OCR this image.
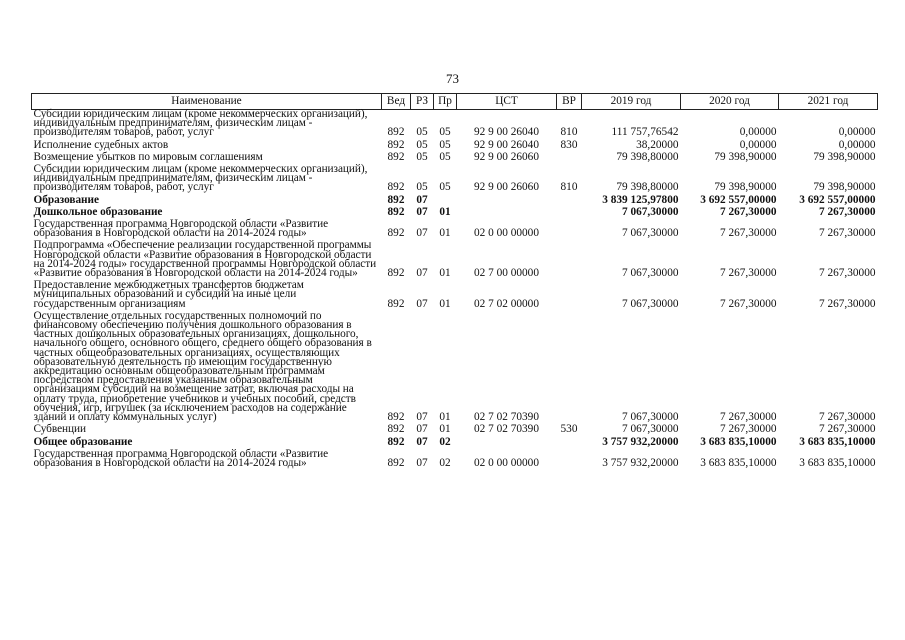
73
Наименование	Вед	РЗ	Пр	ЦСТ	ВР	2019 год	2020 год	2021 год
Субсидии юридическим лицам (кроме некоммерческих организаций), индивидуальным предпринимателям, физическим лицам - производителям товаров, работ, услуг	892	05	05	92 9 00 26040	810	111 757,76542	0,00000	0,00000
Исполнение судебных актов	892	05	05	92 9 00 26040	830	38,20000	0,00000	0,00000
Возмещение убытков по мировым соглашениям	892	05	05	92 9 00 26060		79 398,80000	79 398,90000	79 398,90000
Субсидии юридическим лицам (кроме некоммерческих организаций), индивидуальным предпринимателям, физическим лицам - производителям товаров, работ, услуг	892	05	05	92 9 00 26060	810	79 398,80000	79 398,90000	79 398,90000
Образование	892	07				3 839 125,97800	3 692 557,00000	3 692 557,00000
Дошкольное образование	892	07	01			7 067,30000	7 267,30000	7 267,30000
Государственная программа Новгородской области «Развитие образования в Новгородской области на 2014-2024 годы»	892	07	01	02 0 00 00000		7 067,30000	7 267,30000	7 267,30000
Подпрограмма «Обеспечение реализации государственной программы Новгородской области «Развитие образования в Новгородской области на 2014-2024 годы» государственной программы Новгородской области «Развитие образования в Новгородской области на 2014-2024 годы»	892	07	01	02 7 00 00000		7 067,30000	7 267,30000	7 267,30000
Предоставление межбюджетных трансфертов бюджетам муниципальных образований и субсидий на иные цели государственным организациям	892	07	01	02 7 02 00000		7 067,30000	7 267,30000	7 267,30000
Осуществление отдельных государственных полномочий по финансовому обеспечению получения дошкольного образования в частных дошкольных образовательных организациях, дошкольного, начального общего, основного общего, среднего общего образования в частных общеобразовательных организациях, осуществляющих образовательную деятельность по имеющим государственную аккредитацию основным общеобразовательным программам посредством предоставления указанным образовательным организациям субсидий на возмещение затрат, включая расходы на оплату труда, приобретение учебников и учебных пособий, средств обучения, игр, игрушек (за исключением расходов на содержание зданий и оплату коммунальных услуг)	892	07	01	02 7 02 70390		7 067,30000	7 267,30000	7 267,30000
Субвенции	892	07	01	02 7 02 70390	530	7 067,30000	7 267,30000	7 267,30000
Общее образование	892	07	02			3 757 932,20000	3 683 835,10000	3 683 835,10000
Государственная программа Новгородской области «Развитие образования в Новгородской области на 2014-2024 годы»	892	07	02	02 0 00 00000		3 757 932,20000	3 683 835,10000	3 683 835,10000
